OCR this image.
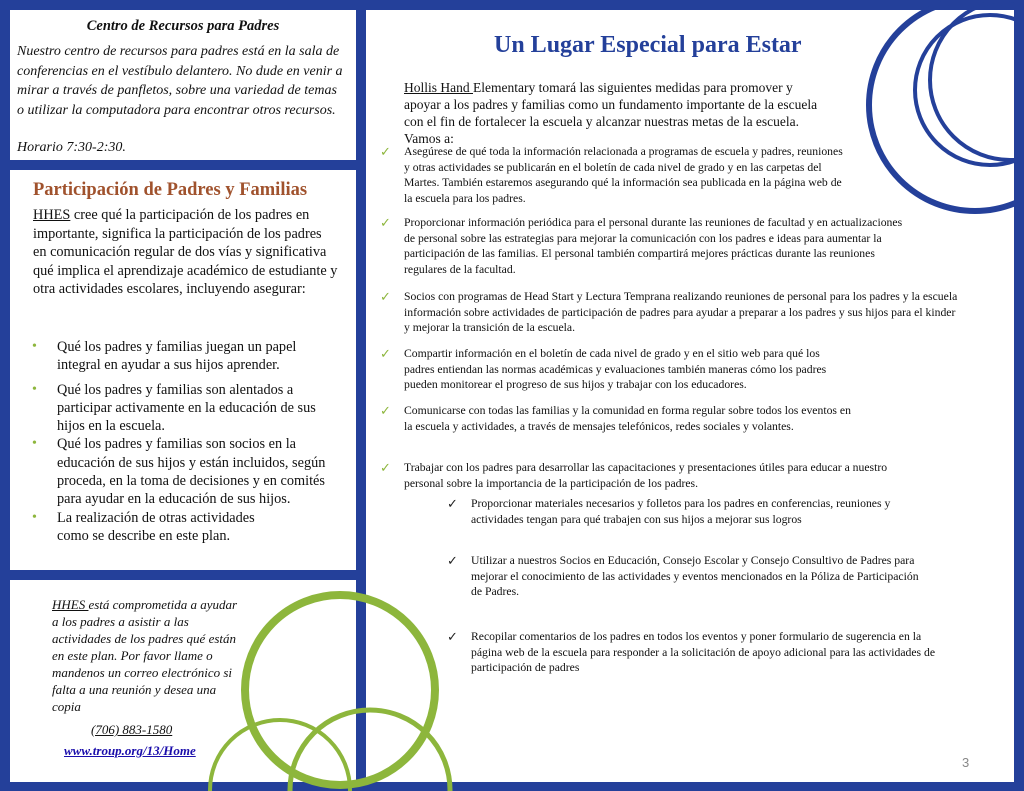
Centro de Recursos para Padres
Nuestro centro de recursos para padres está en la sala de conferencias en el vestíbulo delantero. No dude en venir a mirar a través de panfletos, sobre una variedad de temas o utilizar la computadora para encontrar otros recursos.
Horario 7:30-2:30.
Participación de Padres y Familias
HHES cree qué la participación de los padres en importante, significa la participación de los padres en comunicación regular de dos vías y significativa qué implica el aprendizaje académico de estudiante y otra actividades escolares, incluyendo asegurar:
• Qué los padres y familias juegan un papel integral en ayudar a sus hijos aprender.
• Qué los padres y familias son alentados a participar activamente en la educación de sus hijos en la escuela.
• Qué los padres y familias son socios en la educación de sus hijos y están incluidos, según proceda, en la toma de decisiones y en comités para ayudar en la educación de sus hijos.
• La realización de otras actividades como se describe en este plan.
HHES está comprometida a ayudar a los padres a asistir a las actividades de los padres qué están en este plan. Por favor llame o mandenos un correo electrónico si falta a una reunión y desea una copia
(706) 883-1580
www.troup.org/13/Home
Un Lugar Especial para Estar
Hollis Hand Elementary tomará las siguientes medidas para promover y apoyar a los padres y familias como un fundamento importante de la escuela con el fin de fortalecer la escuela y alcanzar nuestras metas de la escuela. Vamos a:
✓ Asegúrese de qué toda la información relacionada a programas de escuela y padres, reuniones y otras actividades se publicarán en el boletín de cada nivel de grado y en las carpetas del Martes. También estaremos asegurando qué la información sea publicada en la página web de la escuela para los padres.
✓ Proporcionar información periódica para el personal durante las reuniones de facultad y en actualizaciones de personal sobre las estrategias para mejorar la comunicación con los padres e ideas para aumentar la participación de las familias. El personal también compartirá mejores prácticas durante las reuniones regulares de la facultad.
✓ Socios con programas de Head Start y Lectura Temprana realizando reuniones de personal para los padres y la escuela información sobre actividades de participación de padres para ayudar a preparar a los padres y sus hijos para el kinder y mejorar la transición de la escuela.
✓ Compartir información en el boletín de cada nivel de grado y en el sitio web para qué los padres entiendan las normas académicas y evaluaciones también maneras cómo los padres pueden monitorear el progreso de sus hijos y trabajar con los educadores.
✓ Comunicarse con todas las familias y la comunidad en forma regular sobre todos los eventos en la escuela y actividades, a través de mensajes telefónicos, redes sociales y volantes.
✓ Trabajar con los padres para desarrollar las capacitaciones y presentaciones útiles para educar a nuestro personal sobre la importancia de la participación de los padres.
✓ Proporcionar materiales necesarios y folletos para los padres en conferencias, reuniones y actividades tengan para qué trabajen con sus hijos a mejorar sus logros
✓ Utilizar a nuestros Socios en Educación, Consejo Escolar y Consejo Consultivo de Padres para mejorar el conocimiento de las actividades y eventos mencionados en la Póliza de Participación de Padres.
✓ Recopilar comentarios de los padres en todos los eventos y poner formulario de sugerencia en la página web de la escuela para responder a la solicitación de apoyo adicional para las actividades de participación de padres
3
